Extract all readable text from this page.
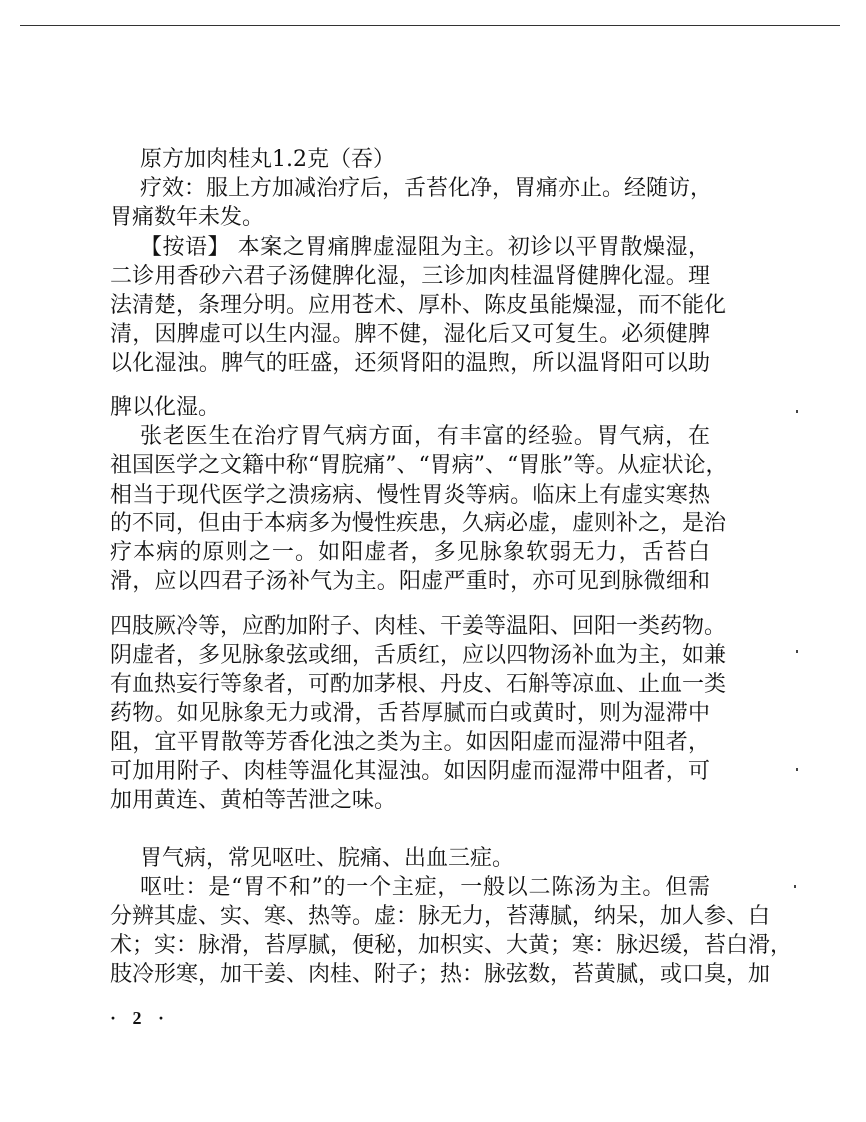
原方加肉桂丸1.2克（吞）
疗效：服上方加减治疗后，舌苔化净，胃痛亦止。经随访，
胃痛数年未发。
【按语】 本案之胃痛脾虚湿阻为主。初诊以平胃散燥湿，
二诊用香砂六君子汤健脾化湿，三诊加肉桂温肾健脾化湿。理
法清楚，条理分明。应用苍术、厚朴、陈皮虽能燥湿，而不能化
清，因脾虚可以生内湿。脾不健，湿化后又可复生。必须健脾
以化湿浊。脾气的旺盛，还须肾阳的温煦，所以温肾阳可以助
脾以化湿。
张老医生在治疗胃气病方面，有丰富的经验。胃气病，在
祖国医学之文籍中称“胃脘痛”、“胃病”、“胃胀”等。从症状论，
相当于现代医学之溃疡病、慢性胃炎等病。临床上有虚实寒热
的不同，但由于本病多为慢性疾患，久病必虚，虚则补之，是治
疗本病的原则之一。如阳虚者，多见脉象软弱无力，舌苔白
滑，应以四君子汤补气为主。阳虚严重时，亦可见到脉微细和
四肢厥冷等，应酌加附子、肉桂、干姜等温阳、回阳一类药物。
阴虚者，多见脉象弦或细，舌质红，应以四物汤补血为主，如兼
有血热妄行等象者，可酌加茅根、丹皮、石斛等凉血、止血一类
药物。如见脉象无力或滑，舌苔厚腻而白或黄时，则为湿滞中
阻，宜平胃散等芳香化浊之类为主。如因阳虚而湿滞中阻者，
可加用附子、肉桂等温化其湿浊。如因阴虚而湿滞中阻者，可
加用黄连、黄柏等苦泄之味。
胃气病，常见呕吐、脘痛、出血三症。
呕吐：是“胃不和”的一个主症，一般以二陈汤为主。但需
分辨其虚、实、寒、热等。虚：脉无力，苔薄腻，纳呆，加人参、白
术；实：脉滑，苔厚腻，便秘，加枳实、大黄；寒：脉迟缓，苔白滑，
肢冷形寒，加干姜、肉桂、附子；热：脉弦数，苔黄腻，或口臭，加
· 2 ·
